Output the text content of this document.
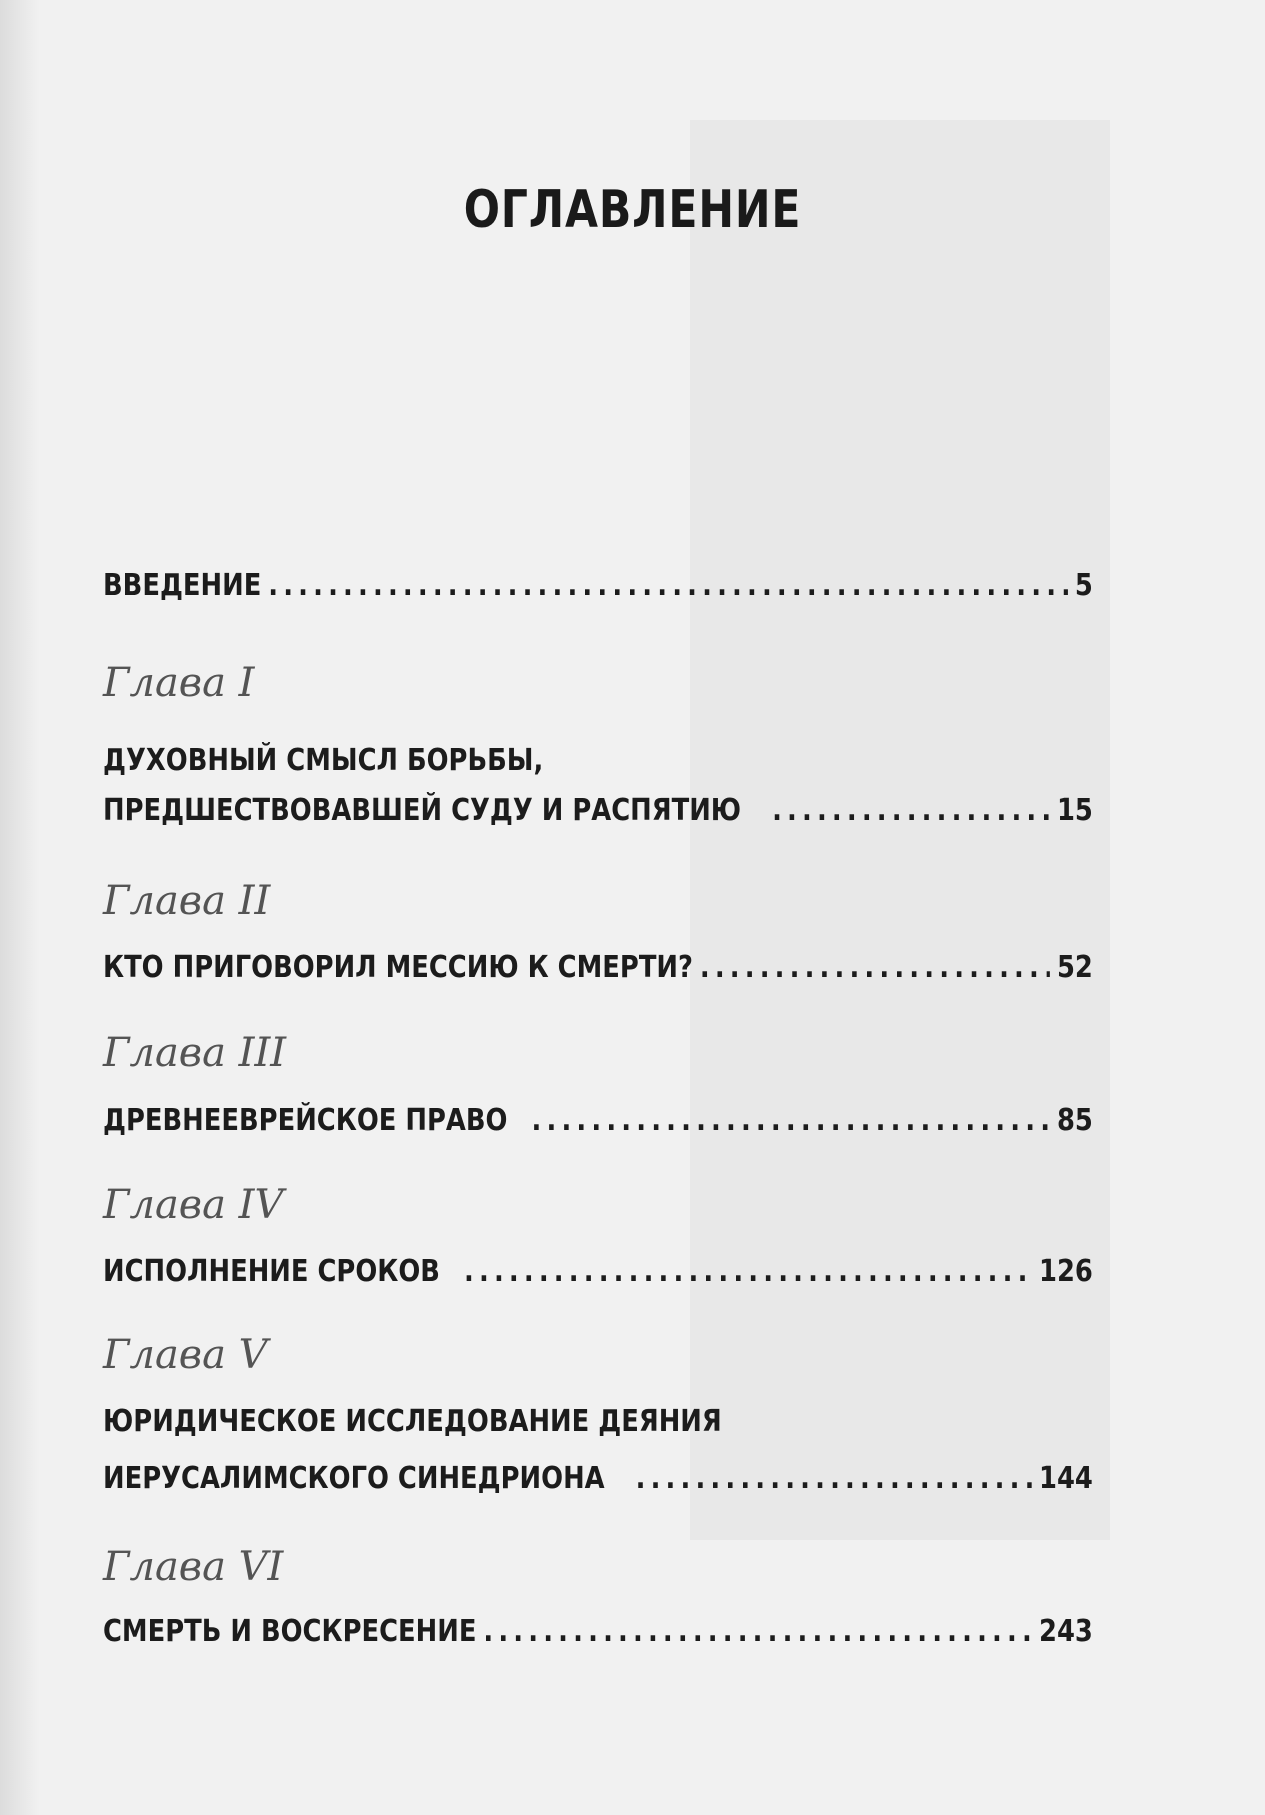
ОГЛАВЛЕНИЕ
ВВЕДЕНИЕ .....	5
Глава I
ДУХОВНЫЙ СМЫСЛ БОРЬБЫ,
ПРЕДШЕСТВОВАВШЕЙ СУДУ И РАСПЯТИЮ .....	15
Глава II
КТО ПРИГОВОРИЛ МЕССИЮ К СМЕРТИ? .....	52
Глава III
ДРЕВНЕЕВРЕЙСКОЕ ПРАВО .....	85
Глава IV
ИСПОЛНЕНИЕ СРОКОВ .....	126
Глава V
ЮРИДИЧЕСКОЕ ИССЛЕДОВАНИЕ ДЕЯНИЯ
ИЕРУСАЛИМСКОГО СИНЕДРИОНА .....	144
Глава VI
СМЕРТЬ И ВОСКРЕСЕНИЕ .....	243
